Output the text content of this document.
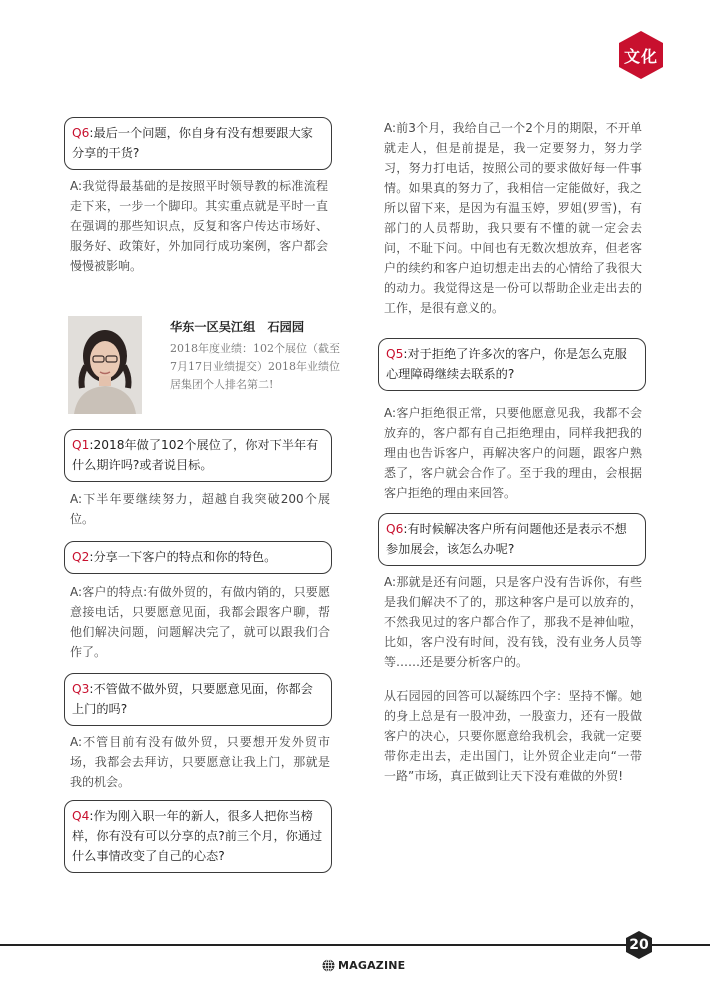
文化
Q6:最后一个问题，你自身有没有想要跟大家分享的干货?
A:我觉得最基础的是按照平时领导教的标准流程走下来，一步一个脚印。其实重点就是平时一直在强调的那些知识点，反复和客户传达市场好、服务好、政策好，外加同行成功案例，客户都会慢慢被影响。
华东一区吴江组　石园园
2018年度业绩：102个展位（截至7月17日业绩提交）2018年业绩位居集团个人排名第二!
Q1:2018年做了102个展位了，你对下半年有什么期许吗?或者说目标。
A:下半年要继续努力，超越自我突破200个展位。
Q2:分享一下客户的特点和你的特色。
A:客户的特点:有做外贸的，有做内销的，只要愿意接电话，只要愿意见面，我都会跟客户聊，帮他们解决问题，问题解决完了，就可以跟我们合作了。
Q3:不管做不做外贸，只要愿意见面，你都会上门的吗?
A:不管目前有没有做外贸，只要想开发外贸市场，我都会去拜访，只要愿意让我上门，那就是我的机会。
Q4:作为刚入职一年的新人，很多人把你当榜样，你有没有可以分享的点?前三个月，你通过什么事情改变了自己的心态?
A:前3个月，我给自己一个2个月的期限，不开单就走人，但是前提是，我一定要努力，努力学习，努力打电话，按照公司的要求做好每一件事情。如果真的努力了，我相信一定能做好，我之所以留下来，是因为有温玉婷，罗姐(罗雪)，有部门的人员帮助，我只要有不懂的就一定会去问，不耻下问。中间也有无数次想放弃，但老客户的续约和客户迫切想走出去的心情给了我很大的动力。我觉得这是一份可以帮助企业走出去的工作，是很有意义的。
Q5:对于拒绝了许多次的客户，你是怎么克服心理障碍继续去联系的?
A:客户拒绝很正常，只要他愿意见我，我都不会放弃的，客户都有自己拒绝理由，同样我把我的理由也告诉客户，再解决客户的问题，跟客户熟悉了，客户就会合作了。至于我的理由，会根据客户拒绝的理由来回答。
Q6:有时候解决客户所有问题他还是表示不想参加展会，该怎么办呢?
A:那就是还有问题，只是客户没有告诉你，有些是我们解决不了的，那这种客户是可以放弃的，不然我见过的客户都合作了，那我不是神仙啦，比如，客户没有时间，没有钱，没有业务人员等等……还是要分析客户的。
从石园园的回答可以凝练四个字：坚持不懈。她的身上总是有一股冲劲，一股蛮力，还有一股做客户的决心，只要你愿意给我机会，我就一定要带你走出去，走出国门，让外贸企业走向“一带一路”市场，真正做到让天下没有难做的外贸!
20
MAGAZINE
